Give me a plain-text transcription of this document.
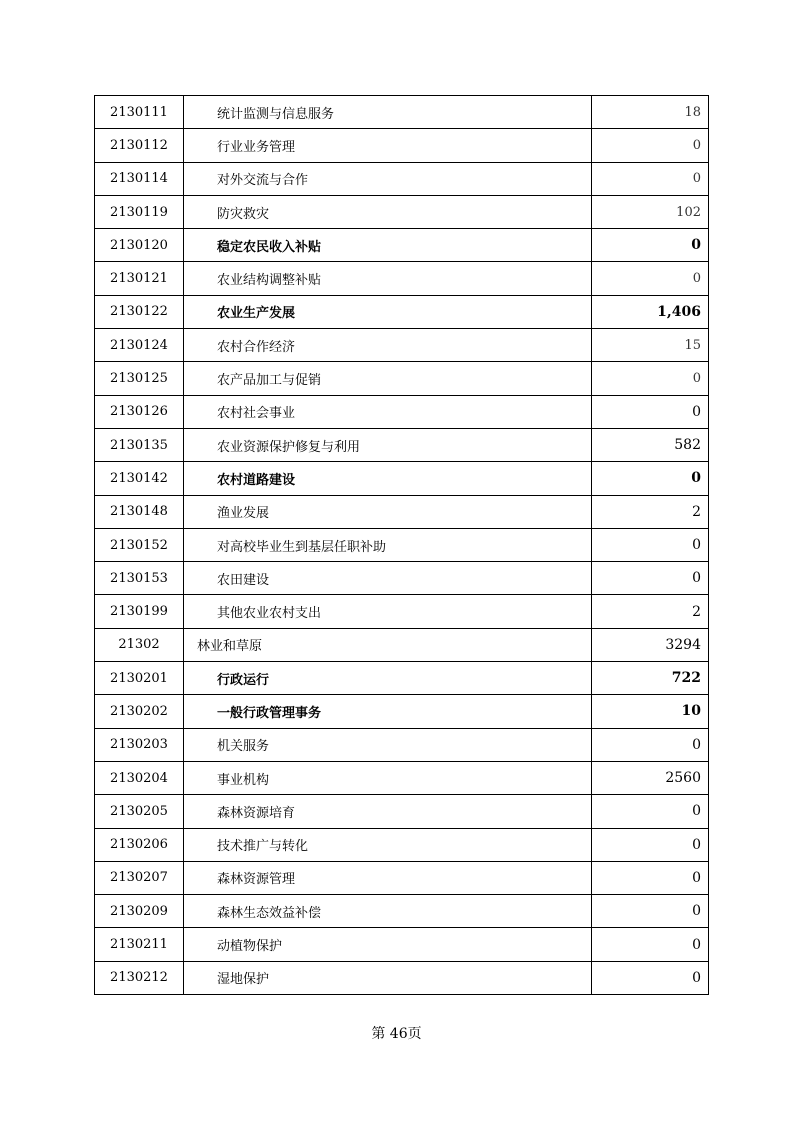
2130111	统计监测与信息服务	18
2130112	行业业务管理	0
2130114	对外交流与合作	0
2130119	防灾救灾	102
2130120	稳定农民收入补贴	0
2130121	农业结构调整补贴	0
2130122	农业生产发展	1,406
2130124	农村合作经济	15
2130125	农产品加工与促销	0
2130126	农村社会事业	0
2130135	农业资源保护修复与利用	582
2130142	农村道路建设	0
2130148	渔业发展	2
2130152	对高校毕业生到基层任职补助	0
2130153	农田建设	0
2130199	其他农业农村支出	2
21302	林业和草原	3294
2130201	行政运行	722
2130202	一般行政管理事务	10
2130203	机关服务	0
2130204	事业机构	2560
2130205	森林资源培育	0
2130206	技术推广与转化	0
2130207	森林资源管理	0
2130209	森林生态效益补偿	0
2130211	动植物保护	0
2130212	湿地保护	0
第 46页
